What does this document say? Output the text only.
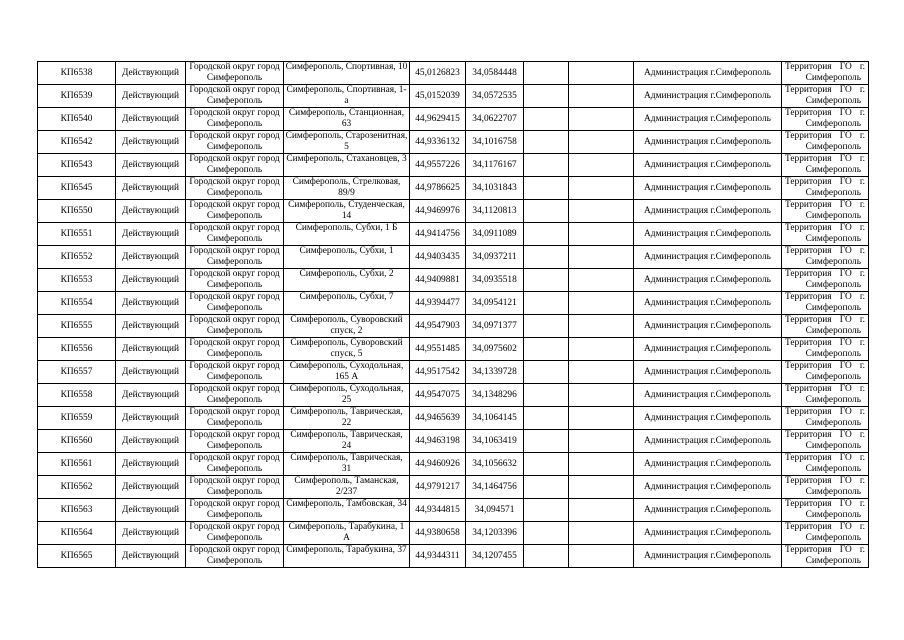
КП6538	Действующий	Городской округ город Симферополь	Симферополь, Спортивная, 10	45,0126823	34,0584448			Администрация г.Симферополь	Территория ГО г.
Симферополь

КП6539	Действующий	Городской округ город Симферополь	Симферополь, Спортивная, 1-а	45,0152039	34,0572535			Администрация г.Симферополь	Территория ГО г.
Симферополь

КП6540	Действующий	Городской округ город Симферополь	Симферополь, Станционная, 63	44,9629415	34,0622707			Администрация г.Симферополь	Территория ГО г.
Симферополь

КП6542	Действующий	Городской округ город Симферополь	Симферополь, Старозенитная, 5	44,9336132	34,1016758			Администрация г.Симферополь	Территория ГО г.
Симферополь

КП6543	Действующий	Городской округ город Симферополь	Симферополь, Стахановцев, 3	44,9557226	34,1176167			Администрация г.Симферополь	Территория ГО г.
Симферополь

КП6545	Действующий	Городской округ город Симферополь	Симферополь, Стрелковая, 89/9	44,9786625	34,1031843			Администрация г.Симферополь	Территория ГО г.
Симферополь

КП6550	Действующий	Городской округ город Симферополь	Симферополь, Студенческая, 14	44,9469976	34,1120813			Администрация г.Симферополь	Территория ГО г.
Симферополь

КП6551	Действующий	Городской округ город Симферополь	Симферополь, Субхи, 1 Б	44,9414756	34,0911089			Администрация г.Симферополь	Территория ГО г.
Симферополь

КП6552	Действующий	Городской округ город Симферополь	Симферополь, Субхи, 1	44,9403435	34,0937211			Администрация г.Симферополь	Территория ГО г.
Симферополь

КП6553	Действующий	Городской округ город Симферополь	Симферополь, Субхи, 2	44,9409881	34,0935518			Администрация г.Симферополь	Территория ГО г.
Симферополь

КП6554	Действующий	Городской округ город Симферополь	Симферополь, Субхи, 7	44,9394477	34,0954121			Администрация г.Симферополь	Территория ГО г.
Симферополь

КП6555	Действующий	Городской округ город Симферополь	Симферополь, Суворовский спуск, 2	44,9547903	34,0971377			Администрация г.Симферополь	Территория ГО г.
Симферополь

КП6556	Действующий	Городской округ город Симферополь	Симферополь, Суворовский спуск, 5	44,9551485	34,0975602			Администрация г.Симферополь	Территория ГО г.
Симферополь

КП6557	Действующий	Городской округ город Симферополь	Симферополь, Суходольная, 165 А	44,9517542	34,1339728			Администрация г.Симферополь	Территория ГО г.
Симферополь

КП6558	Действующий	Городской округ город Симферополь	Симферополь, Суходольная, 25	44,9547075	34,1348296			Администрация г.Симферополь	Территория ГО г.
Симферополь

КП6559	Действующий	Городской округ город Симферополь	Симферополь, Таврическая, 22	44,9465639	34,1064145			Администрация г.Симферополь	Территория ГО г.
Симферополь

КП6560	Действующий	Городской округ город Симферополь	Симферополь, Таврическая, 24	44,9463198	34,1063419			Администрация г.Симферополь	Территория ГО г.
Симферополь

КП6561	Действующий	Городской округ город Симферополь	Симферополь, Таврическая, 31	44,9460926	34,1056632			Администрация г.Симферополь	Территория ГО г.
Симферополь

КП6562	Действующий	Городской округ город Симферополь	Симферополь, Таманская, 2/237	44,9791217	34,1464756			Администрация г.Симферополь	Территория ГО г.
Симферополь

КП6563	Действующий	Городской округ город Симферополь	Симферополь, Тамбовская, 34	44,9344815	34,094571			Администрация г.Симферополь	Территория ГО г.
Симферополь

КП6564	Действующий	Городской округ город Симферополь	Симферополь, Тарабукина, 1 А	44,9380658	34,1203396			Администрация г.Симферополь	Территория ГО г.
Симферополь

КП6565	Действующий	Городской округ город Симферополь	Симферополь, Тарабукина, 37	44,9344311	34,1207455			Администрация г.Симферополь	Территория ГО г.
Симферополь
